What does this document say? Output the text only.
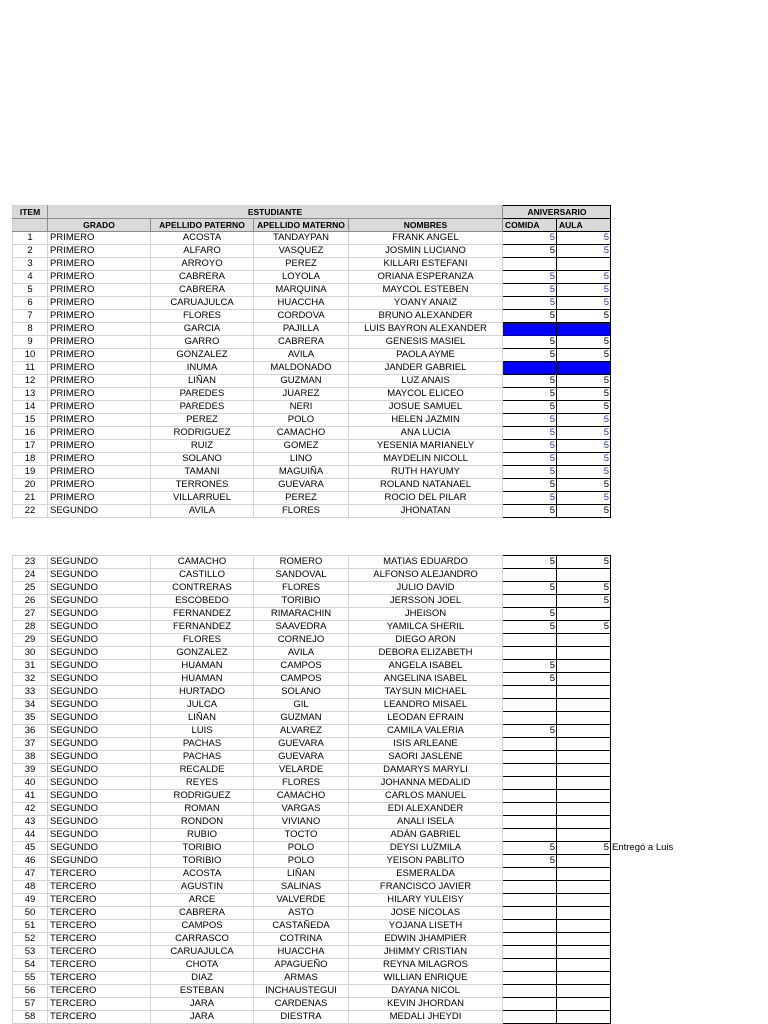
ITEM	ESTUDIANTE				ANIVERSARIO	
	GRADO	APELLIDO PATERNO	APELLIDO MATERNO	NOMBRES	COMIDA	AULA
1	PRIMERO	ACOSTA	TANDAYPAN	FRANK ANGEL	5	5
2	PRIMERO	ALFARO	VASQUEZ	JOSMIN LUCIANO	5	5
3	PRIMERO	ARROYO	PEREZ	KILLARI ESTEFANI		
4	PRIMERO	CABRERA	LOYOLA	ORIANA ESPERANZA	5	5
5	PRIMERO	CABRERA	MARQUINA	MAYCOL ESTEBEN	5	5
6	PRIMERO	CARUAJULCA	HUACCHA	YOANY ANAIZ	5	5
7	PRIMERO	FLORES	CORDOVA	BRUNO ALEXANDER	5	5
8	PRIMERO	GARCIA	PAJILLA	LUIS BAYRON ALEXANDER		
9	PRIMERO	GARRO	CABRERA	GENESIS MASIEL	5	5
10	PRIMERO	GONZALEZ	AVILA	PAOLA AYME	5	5
11	PRIMERO	INUMA	MALDONADO	JANDER GABRIEL		
12	PRIMERO	LIÑAN	GUZMAN	LUZ ANAIS	5	5
13	PRIMERO	PAREDES	JUAREZ	MAYCOL ELICEO	5	5
14	PRIMERO	PAREDES	NERI	JOSUE SAMUEL	5	5
15	PRIMERO	PEREZ	POLO	HELEN JAZMIN	5	5
16	PRIMERO	RODRIGUEZ	CAMACHO	ANA LUCIA	5	5
17	PRIMERO	RUIZ	GOMEZ	YESENIA MARIANELY	5	5
18	PRIMERO	SOLANO	LINO	MAYDELIN NICOLL	5	5
19	PRIMERO	TAMANI	MAGUIÑA	RUTH HAYUMY	5	5
20	PRIMERO	TERRONES	GUEVARA	ROLAND NATANAEL	5	5
21	PRIMERO	VILLARRUEL	PEREZ	ROCIO DEL PILAR	5	5
22	SEGUNDO	AVILA	FLORES	JHONATAN	5	5
23	SEGUNDO	CAMACHO	ROMERO	MATIAS EDUARDO	5	5
24	SEGUNDO	CASTILLO	SANDOVAL	ALFONSO ALEJANDRO		
25	SEGUNDO	CONTRERAS	FLORES	JULIO DAVID	5	5
26	SEGUNDO	ESCOBEDO	TORIBIO	JERSSON JOEL		5
27	SEGUNDO	FERNANDEZ	RIMARACHIN	JHEISON	5	
28	SEGUNDO	FERNANDEZ	SAAVEDRA	YAMILCA SHERIL	5	5
29	SEGUNDO	FLORES	CORNEJO	DIEGO ARON		
30	SEGUNDO	GONZALEZ	AVILA	DEBORA ELIZABETH		
31	SEGUNDO	HUAMAN	CAMPOS	ANGELA ISABEL	5	
32	SEGUNDO	HUAMAN	CAMPOS	ANGELINA ISABEL	5	
33	SEGUNDO	HURTADO	SOLANO	TAYSUN MICHAEL		
34	SEGUNDO	JULCA	GIL	LEANDRO MISAEL		
35	SEGUNDO	LIÑAN	GUZMAN	LEODAN EFRAIN		
36	SEGUNDO	LUIS	ALVAREZ	CAMILA VALERIA	5	
37	SEGUNDO	PACHAS	GUEVARA	ISIS ARLEANE		
38	SEGUNDO	PACHAS	GUEVARA	SAORI JASLENE		
39	SEGUNDO	RECALDE	VELARDE	DAMARYS MARYLI		
40	SEGUNDO	REYES	FLORES	JOHANNA MEDALID		
41	SEGUNDO	RODRIGUEZ	CAMACHO	CARLOS MANUEL		
42	SEGUNDO	ROMAN	VARGAS	EDI ALEXANDER		
43	SEGUNDO	RONDON	VIVIANO	ANALI ISELA		
44	SEGUNDO	RUBIO	TOCTO	ADÁN GABRIEL		
45	SEGUNDO	TORIBIO	POLO	DEYSI LUZMILA	5	5 Entregó a Luis

46	SEGUNDO	TORIBIO	POLO	YEISON PABLITO	5	
47	TERCERO	ACOSTA	LIÑAN	ESMERALDA		
48	TERCERO	AGUSTIN	SALINAS	FRANCISCO JAVIER		
49	TERCERO	ARCE	VALVERDE	HILARY YULEISY		
50	TERCERO	CABRERA	ASTO	JOSE NICOLAS		
51	TERCERO	CAMPOS	CASTAÑEDA	YOJANA LISETH		
52	TERCERO	CARRASCO	COTRINA	EDWIN JHAMPIER		
53	TERCERO	CARUAJULCA	HUACCHA	JHIMMY CRISTIAN		
54	TERCERO	CHOTA	APAGUEÑO	REYNA MILAGROS		
55	TERCERO	DIAZ	ARMAS	WILLIAN ENRIQUE		
56	TERCERO	ESTEBAN	INCHAUSTEGUI	DAYANA NICOL		
57	TERCERO	JARA	CARDENAS	KEVIN JHORDAN		
58	TERCERO	JARA	DIESTRA	MEDALI JHEYDI		
